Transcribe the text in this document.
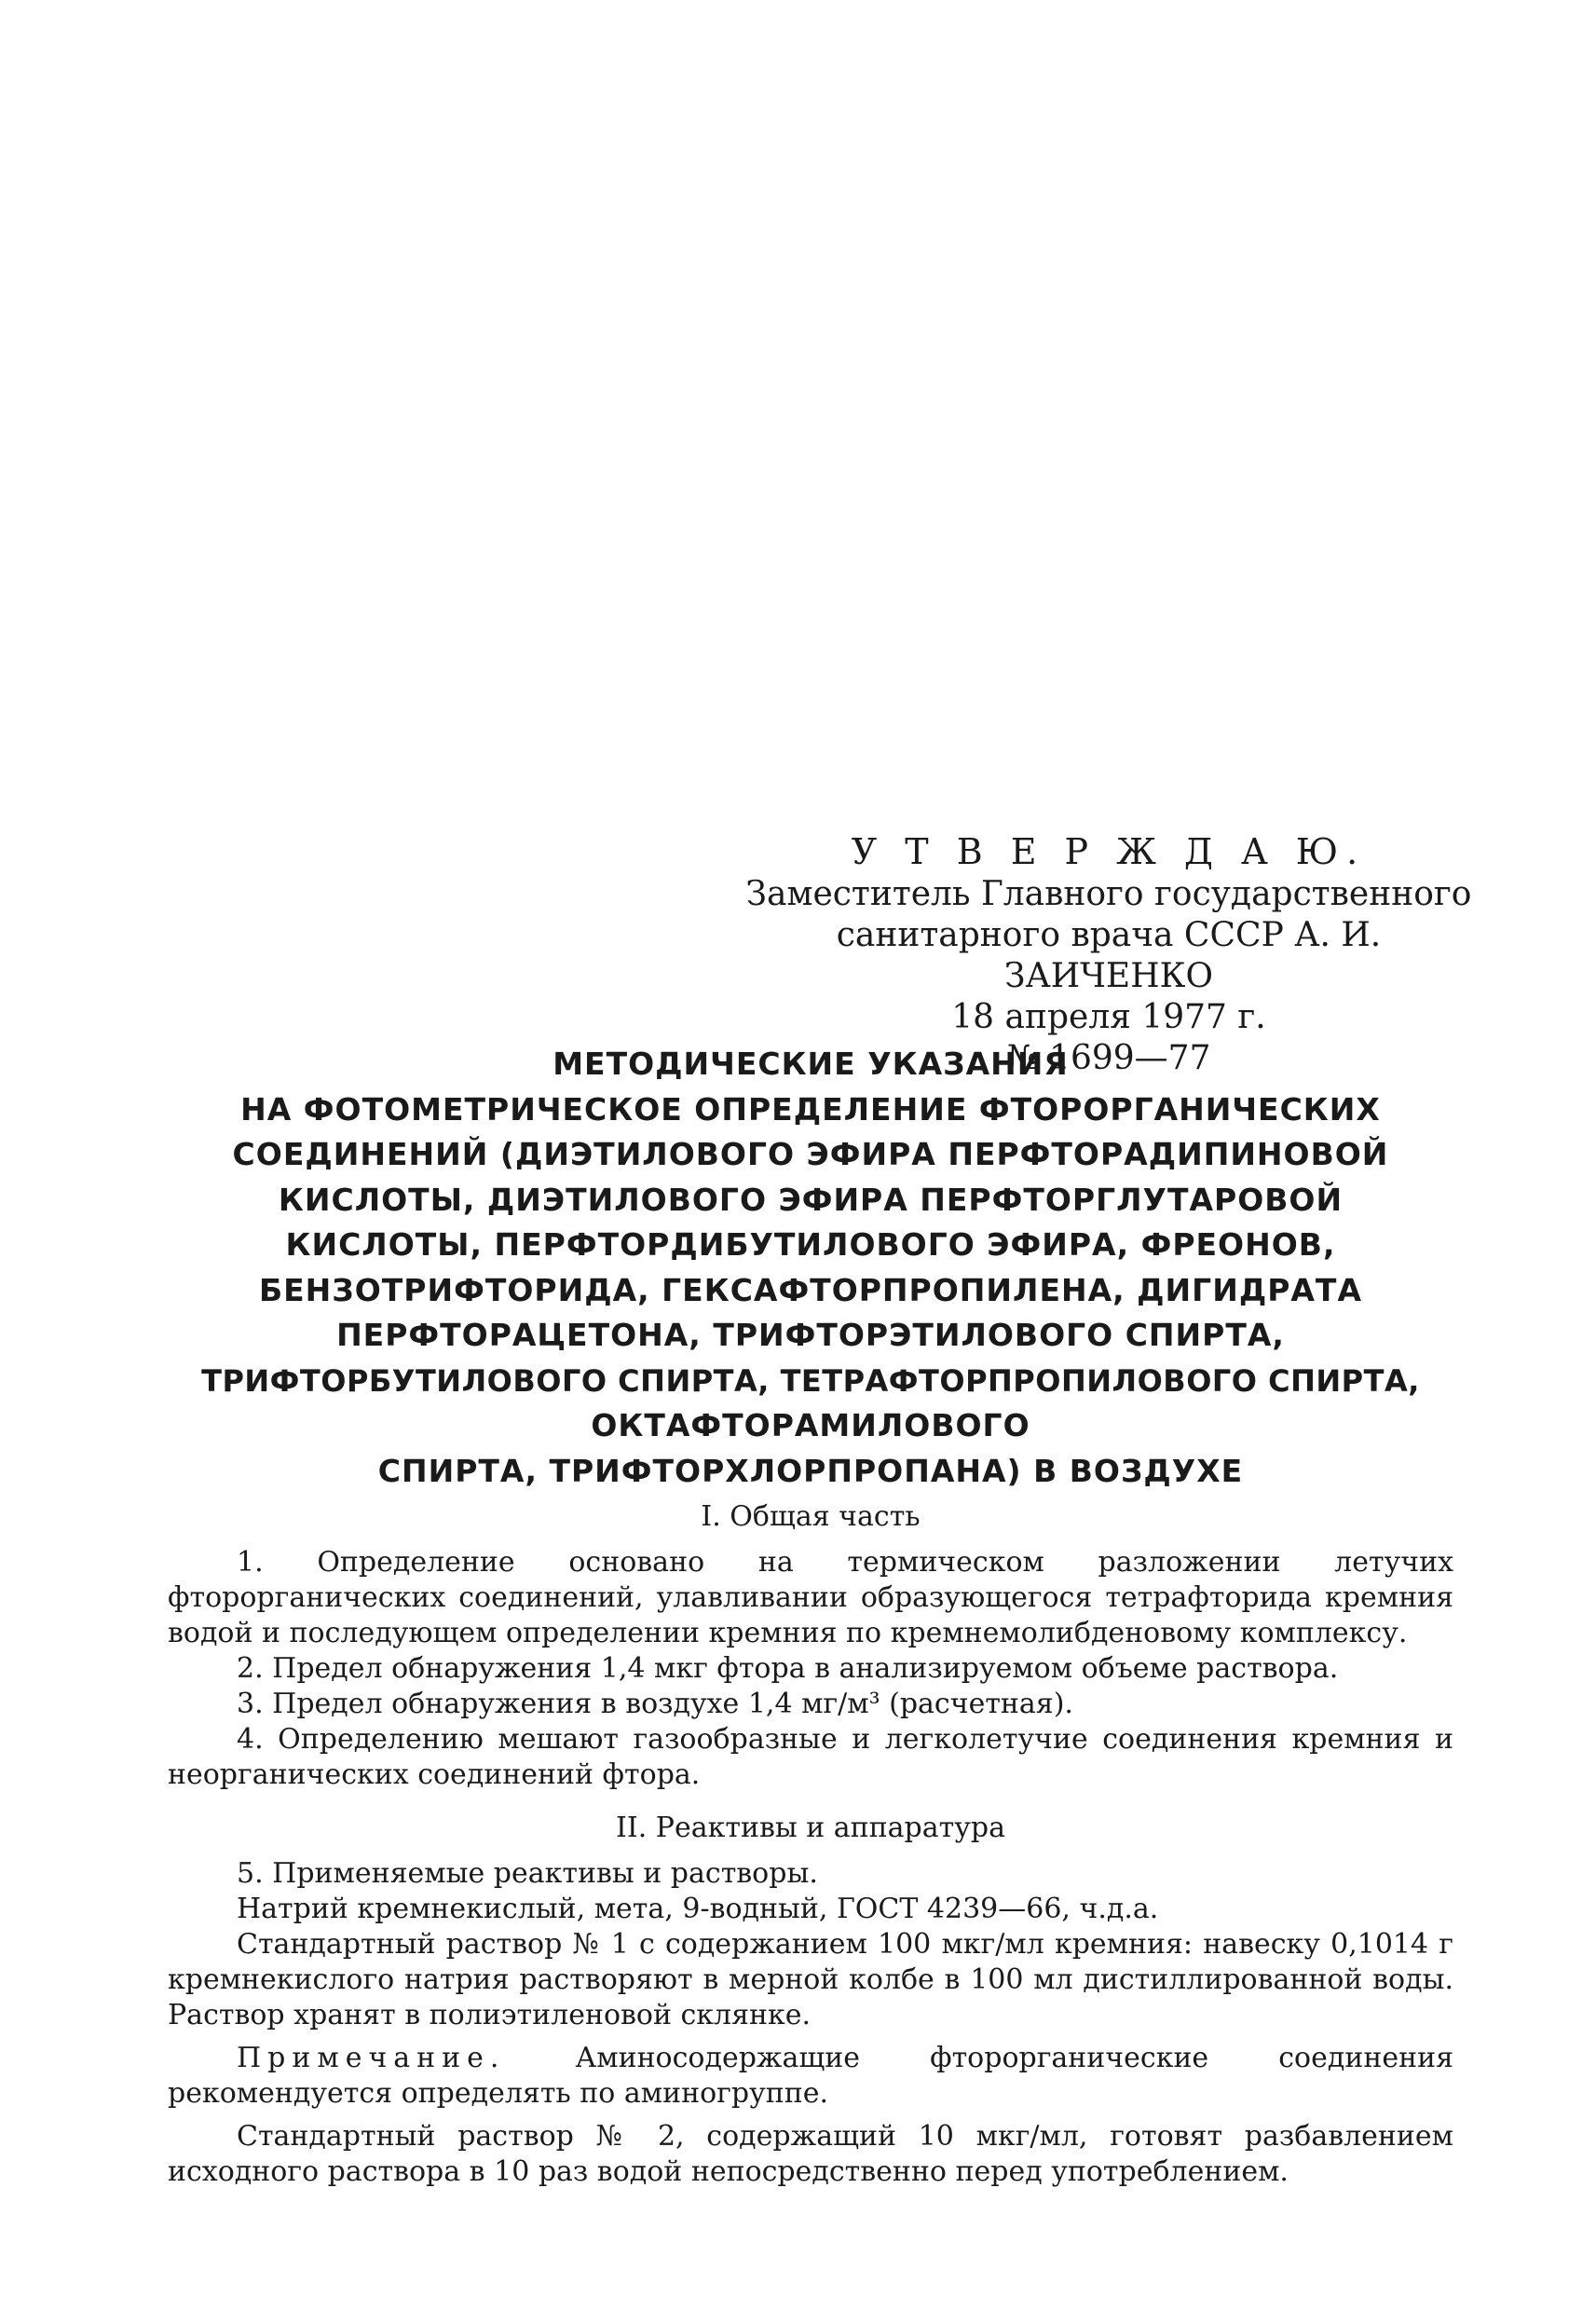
У Т В Е Р Ж Д А Ю.
Заместитель Главного государственного
санитарного врача СССР А. И. ЗАИЧЕНКО
18 апреля 1977 г.
№ 1699—77
МЕТОДИЧЕСКИЕ УКАЗАНИЯ
НА ФОТОМЕТРИЧЕСКОЕ ОПРЕДЕЛЕНИЕ ФТОРОРГАНИЧЕСКИХ
СОЕДИНЕНИЙ (ДИЭТИЛОВОГО ЭФИРА ПЕРФТОРАДИПИНОВОЙ
КИСЛОТЫ, ДИЭТИЛОВОГО ЭФИРА ПЕРФТОРГЛУТАРОВОЙ
КИСЛОТЫ, ПЕРФТОРДИБУТИЛОВОГО ЭФИРА, ФРЕОНОВ,
БЕНЗОТРИФТОРИДА, ГЕКСАФТОРПРОПИЛЕНА, ДИГИДРАТА
ПЕРФТОРАЦЕТОНА, ТРИФТОРЭТИЛОВОГО СПИРТА,
ТРИФТОРБУТИЛОВОГО СПИРТА, ТЕТРАФТОРПРОПИЛОВОГО СПИРТА,
ОКТАФТОРАМИЛОВОГО
СПИРТА, ТРИФТОРХЛОРПРОПАНА) В ВОЗДУХЕ
I. Общая часть

1. Определение основано на термическом разложении летучих фторорганических соединений, улавливании образующегося тетрафторида кремния водой и последующем определении кремния по кремнемолибденовому комплексу.

2. Предел обнаружения 1,4 мкг фтора в анализируемом объеме раствора.

3. Предел обнаружения в воздухе 1,4 мг/м³ (расчетная).

4. Определению мешают газообразные и легколетучие соединения кремния и неорганических соединений фтора.

II. Реактивы и аппаратура

5. Применяемые реактивы и растворы.

Натрий кремнекислый, мета, 9-водный, ГОСТ 4239—66, ч.д.а.

Стандартный раствор № 1 с содержанием 100 мкг/мл кремния: навеску 0,1014 г кремнекислого натрия растворяют в мерной колбе в 100 мл дистиллированной воды. Раствор хранят в полиэтиленовой склянке.

Примечание.	Аминосодержащие фторорганические соединения рекомендуется определять по аминогруппе.

Стандартный раствор № 2, содержащий 10 мкг/мл, готовят разбавлением исходного раствора в 10 раз водой непосредственно перед употреблением.
